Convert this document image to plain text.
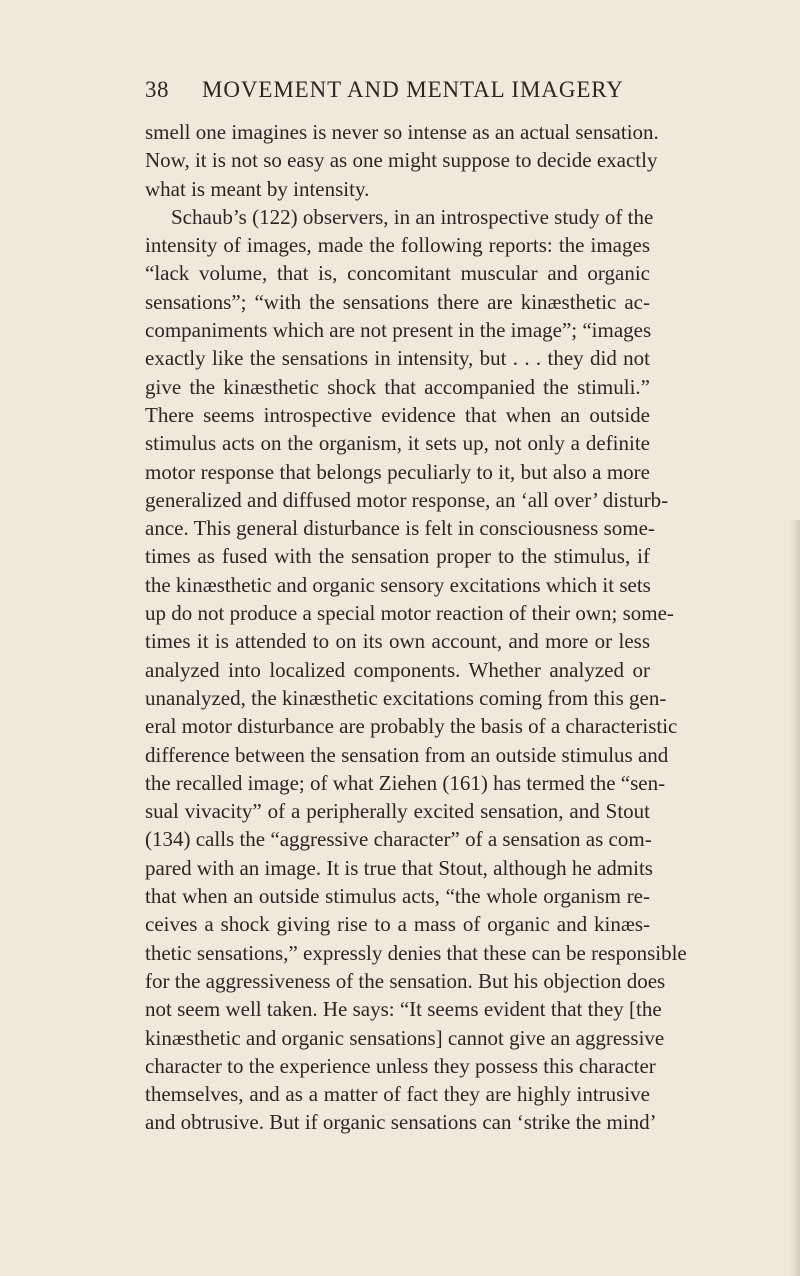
38 MOVEMENT AND MENTAL IMAGERY
smell one imagines is never so intense as an actual sensation.
Now, it is not so easy as one might suppose to decide exactly
what is meant by intensity.
Schaub’s (122) observers, in an introspective study of the
intensity of images, made the following reports: the images
“lack volume, that is, concomitant muscular and organic
sensations”; “with the sensations there are kinæsthetic ac-
companiments which are not present in the image”; “images
exactly like the sensations in intensity, but . . . they did not
give the kinæsthetic shock that accompanied the stimuli.”
There seems introspective evidence that when an outside
stimulus acts on the organism, it sets up, not only a definite
motor response that belongs peculiarly to it, but also a more
generalized and diffused motor response, an ‘all over’ disturb-
ance. This general disturbance is felt in consciousness some-
times as fused with the sensation proper to the stimulus, if
the kinæsthetic and organic sensory excitations which it sets
up do not produce a special motor reaction of their own; some-
times it is attended to on its own account, and more or less
analyzed into localized components. Whether analyzed or
unanalyzed, the kinæsthetic excitations coming from this gen-
eral motor disturbance are probably the basis of a characteristic
difference between the sensation from an outside stimulus and
the recalled image; of what Ziehen (161) has termed the “sen-
sual vivacity” of a peripherally excited sensation, and Stout
(134) calls the “aggressive character” of a sensation as com-
pared with an image. It is true that Stout, although he admits
that when an outside stimulus acts, “the whole organism re-
ceives a shock giving rise to a mass of organic and kinæs-
thetic sensations,” expressly denies that these can be responsible
for the aggressiveness of the sensation. But his objection does
not seem well taken. He says: “It seems evident that they [the
kinæsthetic and organic sensations] cannot give an aggressive
character to the experience unless they possess this character
themselves, and as a matter of fact they are highly intrusive
and obtrusive. But if organic sensations can ‘strike the mind’
